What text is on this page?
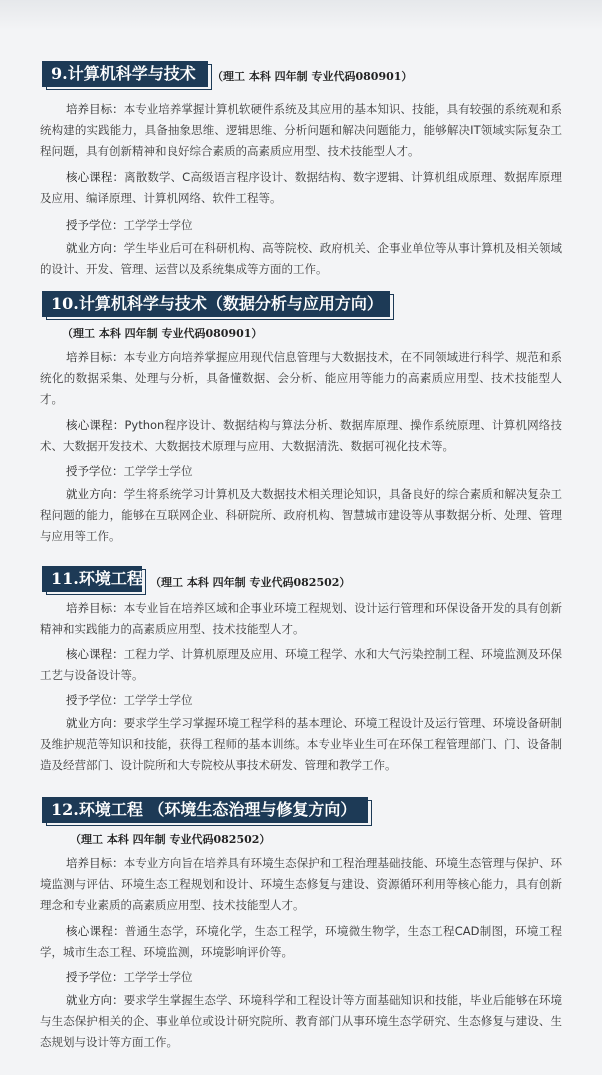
9.计算机科学与技术	（理工 本科 四年制 专业代码080901）

培养目标：本专业培养掌握计算机软硬件系统及其应用的基本知识、技能，具有较强的系统观和系统构建的实践能力，具备抽象思维、逻辑思维、分析问题和解决问题能力，能够解决IT领域实际复杂工程问题，具有创新精神和良好综合素质的高素质应用型、技术技能型人才。

核心课程：离散数学、C高级语言程序设计、数据结构、数字逻辑、计算机组成原理、数据库原理及应用、编译原理、计算机网络、软件工程等。

授予学位：工学学士学位

就业方向：学生毕业后可在科研机构、高等院校、政府机关、企事业单位等从事计算机及相关领域的设计、开发、管理、运营以及系统集成等方面的工作。

10.计算机科学与技术（数据分析与应用方向）
（理工 本科 四年制 专业代码080901）

培养目标：本专业方向培养掌握应用现代信息管理与大数据技术，在不同领域进行科学、规范和系统化的数据采集、处理与分析，具备懂数据、会分析、能应用等能力的高素质应用型、技术技能型人才。

核心课程：Python程序设计、数据结构与算法分析、数据库原理、操作系统原理、计算机网络技术、大数据开发技术、大数据技术原理与应用、大数据清洗、数据可视化技术等。

授予学位：工学学士学位

就业方向：学生将系统学习计算机及大数据技术相关理论知识，具备良好的综合素质和解决复杂工程问题的能力，能够在互联网企业、科研院所、政府机构、智慧城市建设等从事数据分析、处理、管理与应用等工作。

11.环境工程 （理工 本科 四年制 专业代码082502）

培养目标：本专业旨在培养区域和企事业环境工程规划、设计运行管理和环保设备开发的具有创新精神和实践能力的高素质应用型、技术技能型人才。

核心课程：工程力学、计算机原理及应用、环境工程学、水和大气污染控制工程、环境监测及环保工艺与设备设计等。

授予学位：工学学士学位

就业方向：要求学生学习掌握环境工程学科的基本理论、环境工程设计及运行管理、环境设备研制及维护规范等知识和技能，获得工程师的基本训练。本专业毕业生可在环保工程管理部门、门、设备制造及经营部门、设计院所和大专院校从事技术研发、管理和教学工作。

12.环境工程 （环境生态治理与修复方向）
（理工 本科 四年制 专业代码082502）

培养目标：本专业方向旨在培养具有环境生态保护和工程治理基础技能、环境生态管理与保护、环境监测与评估、环境生态工程规划和设计、环境生态修复与建设、资源循环利用等核心能力，具有创新理念和专业素质的高素质应用型、技术技能型人才。

核心课程：普通生态学，环境化学，生态工程学，环境微生物学，生态工程CAD制图，环境工程学，城市生态工程、环境监测，环境影响评价等。

授予学位：工学学士学位

就业方向：要求学生掌握生态学、环境科学和工程设计等方面基础知识和技能，毕业后能够在环境与生态保护相关的企、事业单位或设计研究院所、教育部门从事环境生态学研究、生态修复与建设、生态规划与设计等方面工作。
